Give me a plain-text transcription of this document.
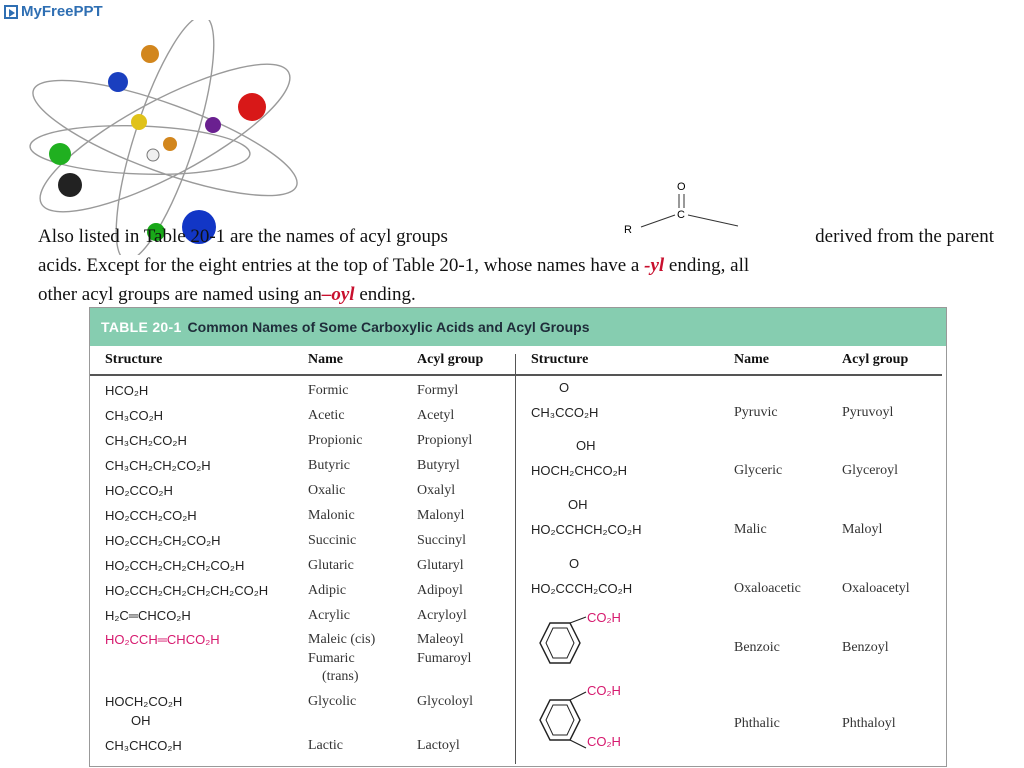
MyFreePPT
O
C
R
Also listed in Table 20-1 are the names of acyl groups	derived from the parent
acids. Except for the eight entries at the top of Table 20-1, whose names have a -yl ending, all
other acyl groups are named using an–oyl ending.
TABLE 20-1 Common Names of Some Carboxylic Acids and Acyl Groups
Structure	Name	Acyl group	Structure	Name	Acyl group
HCO₂H	Formic	Formyl
CH₃CO₂H	Acetic	Acetyl
CH₃CH₂CO₂H	Propionic	Propionyl
CH₃CH₂CH₂CO₂H	Butyric	Butyryl
HO₂CCO₂H	Oxalic	Oxalyl
HO₂CCH₂CO₂H	Malonic	Malonyl
HO₂CCH₂CH₂CO₂H	Succinic	Succinyl
HO₂CCH₂CH₂CH₂CO₂H	Glutaric	Glutaryl
HO₂CCH₂CH₂CH₂CH₂CO₂H	Adipic	Adipoyl
H₂C═CHCO₂H	Acrylic	Acryloyl
HO₂CCH═CHCO₂H	Maleic (cis)	Maleoyl
Fumaric	Fumaroyl
(trans)
HOCH₂CO₂H	Glycolic	Glycoloyl
OH
CH₃CHCO₂H	Lactic	Lactoyl
O
CH₃CCO₂H	Pyruvic	Pyruvoyl
OH
HOCH₂CHCO₂H	Glyceric	Glyceroyl
OH
HO₂CCHCH₂CO₂H	Malic	Maloyl
O
HO₂CCCH₂CO₂H	Oxaloacetic	Oxaloacetyl
CO₂H
Benzoic	Benzoyl
CO₂H
CO₂H
Phthalic	Phthaloyl
